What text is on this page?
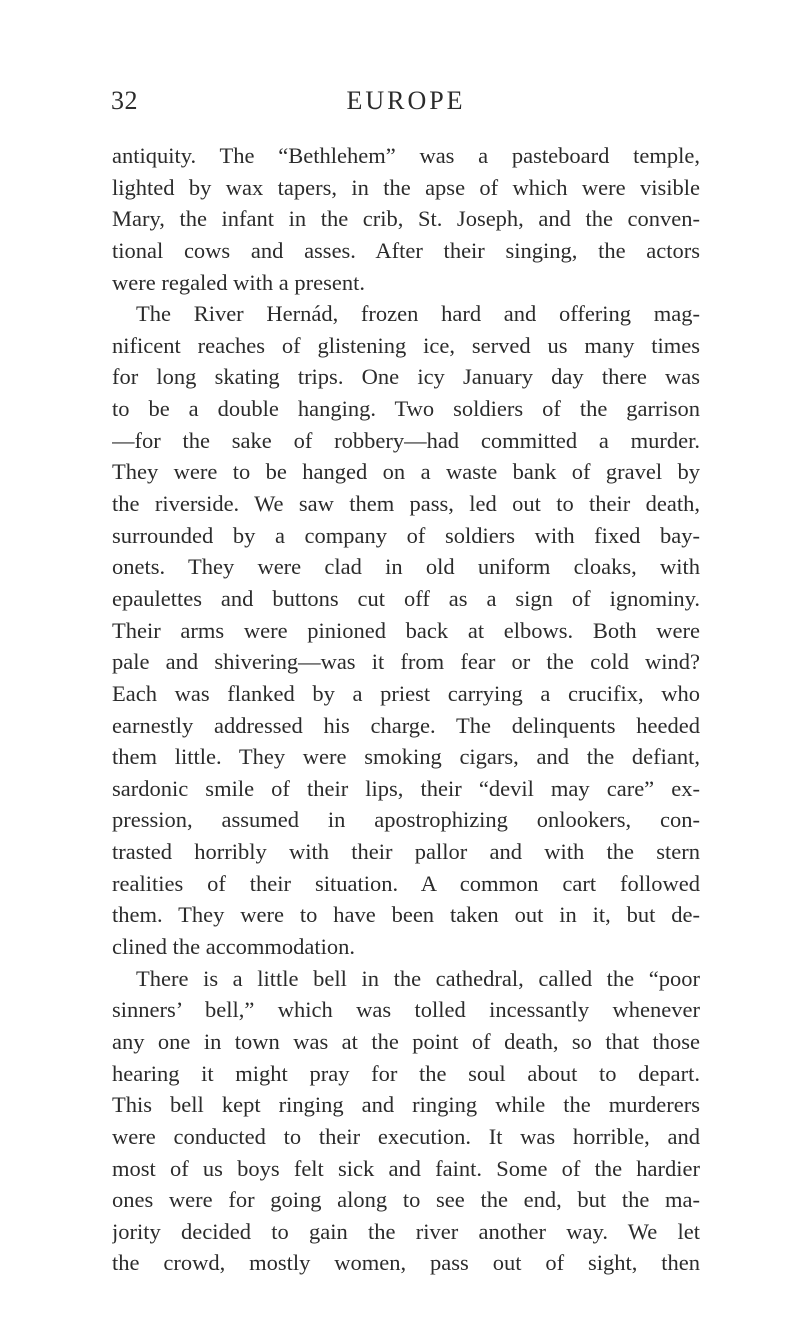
32	EUROPE
antiquity. The “Bethlehem” was a pasteboard temple,
lighted by wax tapers, in the apse of which were visible
Mary, the infant in the crib, St. Joseph, and the conven-
tional cows and asses. After their singing, the actors
were regaled with a present.
The River Hernád, frozen hard and offering mag-
nificent reaches of glistening ice, served us many times
for long skating trips. One icy January day there was
to be a double hanging. Two soldiers of the garrison
—for the sake of robbery—had committed a murder.
They were to be hanged on a waste bank of gravel by
the riverside. We saw them pass, led out to their death,
surrounded by a company of soldiers with fixed bay-
onets. They were clad in old uniform cloaks, with
epaulettes and buttons cut off as a sign of ignominy.
Their arms were pinioned back at elbows. Both were
pale and shivering—was it from fear or the cold wind?
Each was flanked by a priest carrying a crucifix, who
earnestly addressed his charge. The delinquents heeded
them little. They were smoking cigars, and the defiant,
sardonic smile of their lips, their “devil may care” ex-
pression, assumed in apostrophizing onlookers, con-
trasted horribly with their pallor and with the stern
realities of their situation. A common cart followed
them. They were to have been taken out in it, but de-
clined the accommodation.
There is a little bell in the cathedral, called the “poor
sinners’ bell,” which was tolled incessantly whenever
any one in town was at the point of death, so that those
hearing it might pray for the soul about to depart.
This bell kept ringing and ringing while the murderers
were conducted to their execution. It was horrible, and
most of us boys felt sick and faint. Some of the hardier
ones were for going along to see the end, but the ma-
jority decided to gain the river another way. We let
the crowd, mostly women, pass out of sight, then
